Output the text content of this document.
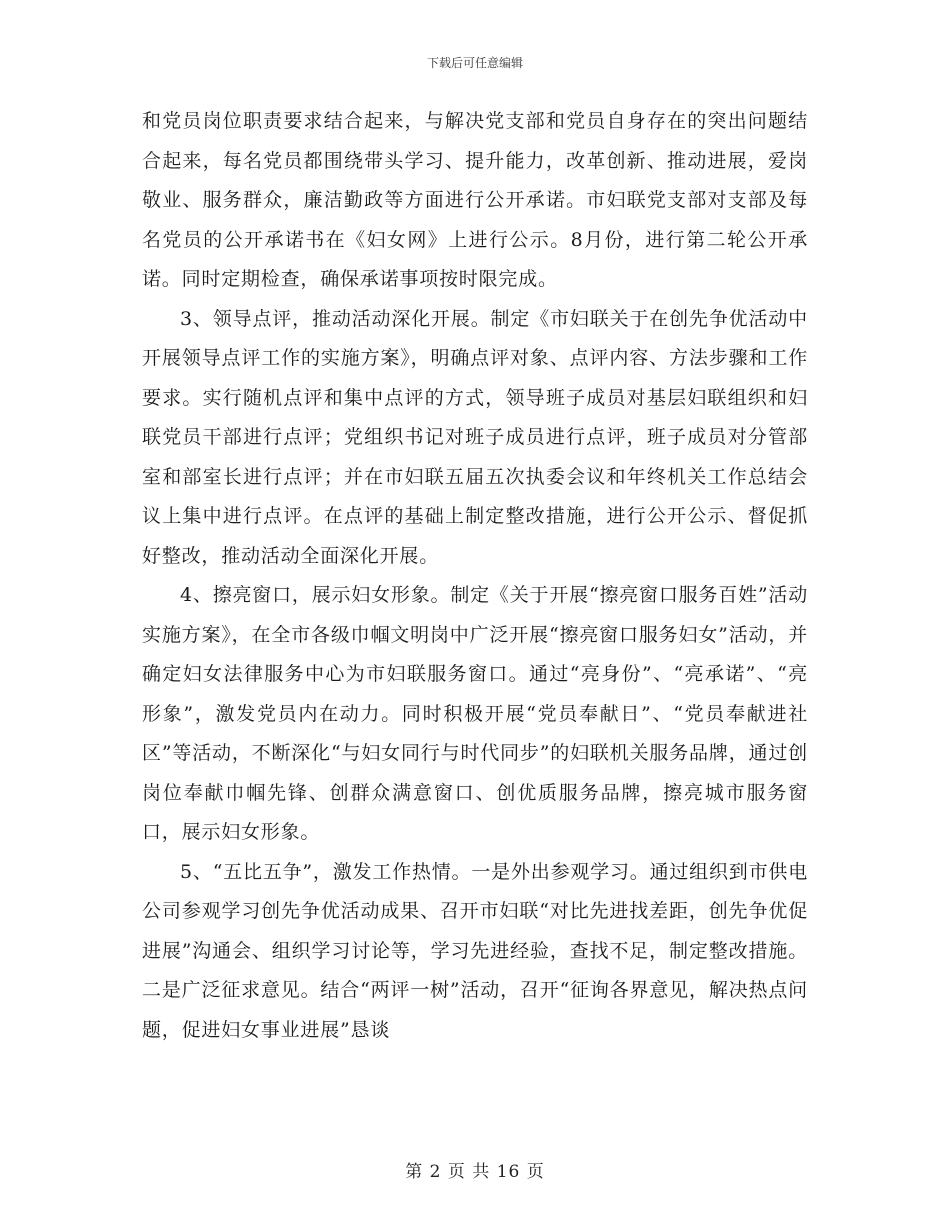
下载后可任意编辑

和党员岗位职责要求结合起来，与解决党支部和党员自身存在的突出问题结合起来，每名党员都围绕带头学习、提升能力，改革创新、推动进展，爱岗敬业、服务群众，廉洁勤政等方面进行公开承诺。市妇联党支部对支部及每名党员的公开承诺书在《妇女网》上进行公示。8月份，进行第二轮公开承诺。同时定期检查，确保承诺事项按时限完成。

3、领导点评，推动活动深化开展。制定《市妇联关于在创先争优活动中开展领导点评工作的实施方案》，明确点评对象、点评内容、方法步骤和工作要求。实行随机点评和集中点评的方式，领导班子成员对基层妇联组织和妇联党员干部进行点评；党组织书记对班子成员进行点评，班子成员对分管部室和部室长进行点评；并在市妇联五届五次执委会议和年终机关工作总结会议上集中进行点评。在点评的基础上制定整改措施，进行公开公示、督促抓好整改，推动活动全面深化开展。

4、擦亮窗口，展示妇女形象。制定《关于开展“擦亮窗口服务百姓”活动实施方案》，在全市各级巾帼文明岗中广泛开展“擦亮窗口服务妇女”活动，并确定妇女法律服务中心为市妇联服务窗口。通过“亮身份”、“亮承诺”、“亮形象”，激发党员内在动力。同时积极开展“党员奉献日”、“党员奉献进社区”等活动，不断深化“与妇女同行与时代同步”的妇联机关服务品牌，通过创岗位奉献巾帼先锋、创群众满意窗口、创优质服务品牌，擦亮城市服务窗口，展示妇女形象。

5、“五比五争”，激发工作热情。一是外出参观学习。通过组织到市供电公司参观学习创先争优活动成果、召开市妇联“对比先进找差距，创先争优促进展”沟通会、组织学习讨论等，学习先进经验，查找不足，制定整改措施。二是广泛征求意见。结合“两评一树”活动，召开“征询各界意见，解决热点问题，促进妇女事业进展”恳谈

第 2 页 共 16 页
